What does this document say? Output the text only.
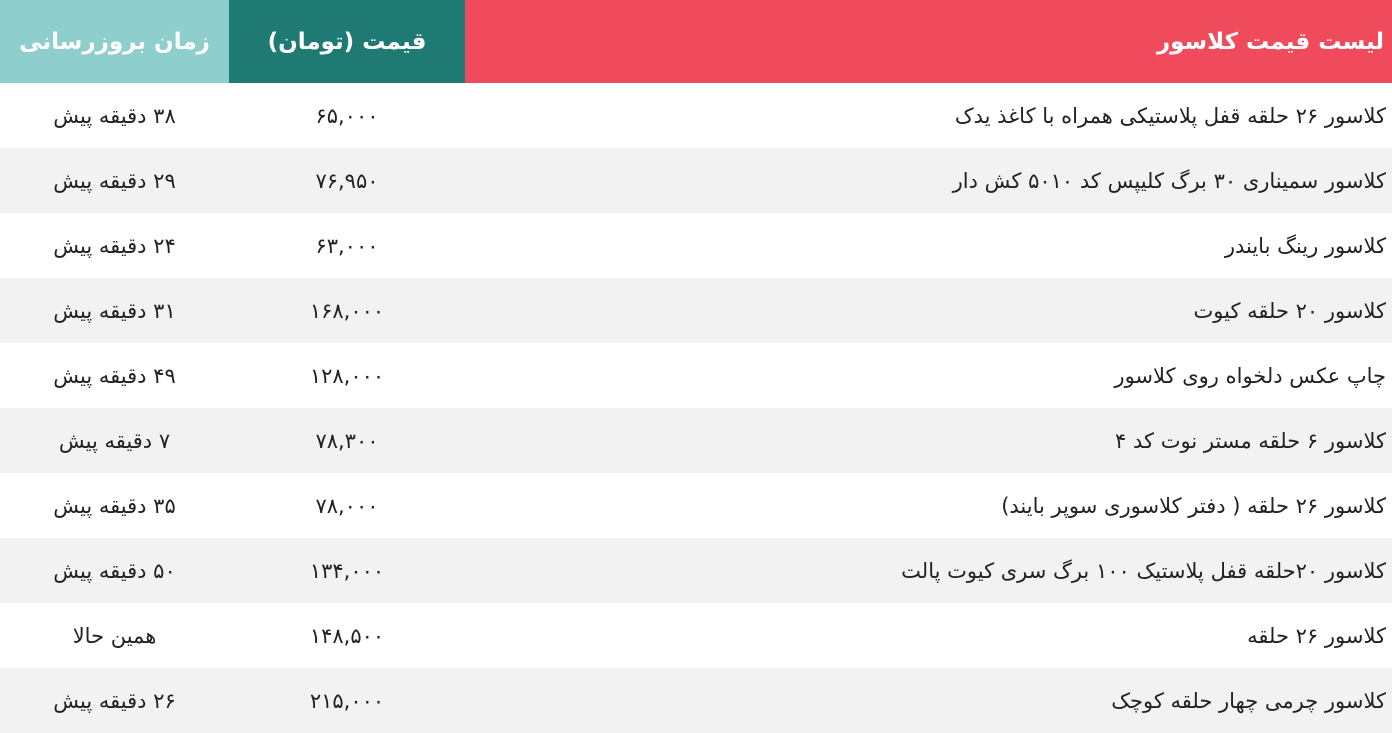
لیست قیمت کلاسور	قیمت (تومان)	زمان بروزرسانی
کلاسور ۲۶ حلقه قفل پلاستیکی همراه با کاغذ یدک	۶۵,۰۰۰	۳۸ دقیقه پیش
کلاسور سمیناری ۳۰ برگ کلیپس کد ۵۰۱۰ کش دار	۷۶,۹۵۰	۲۹ دقیقه پیش
کلاسور رینگ بایندر	۶۳,۰۰۰	۲۴ دقیقه پیش
کلاسور ۲۰ حلقه کیوت	۱۶۸,۰۰۰	۳۱ دقیقه پیش
چاپ عکس دلخواه روی کلاسور	۱۲۸,۰۰۰	۴۹ دقیقه پیش
کلاسور ۶ حلقه مستر نوت کد ۴	۷۸,۳۰۰	۷ دقیقه پیش
کلاسور ۲۶ حلقه ( دفتر کلاسوری سوپر بایند)	۷۸,۰۰۰	۳۵ دقیقه پیش
کلاسور ۲۰حلقه قفل پلاستیک ۱۰۰ برگ سری کیوت پالت	۱۳۴,۰۰۰	۵۰ دقیقه پیش
کلاسور ۲۶ حلقه	۱۴۸,۵۰۰	همین حالا
کلاسور چرمی چهار حلقه کوچک	۲۱۵,۰۰۰	۲۶ دقیقه پیش
